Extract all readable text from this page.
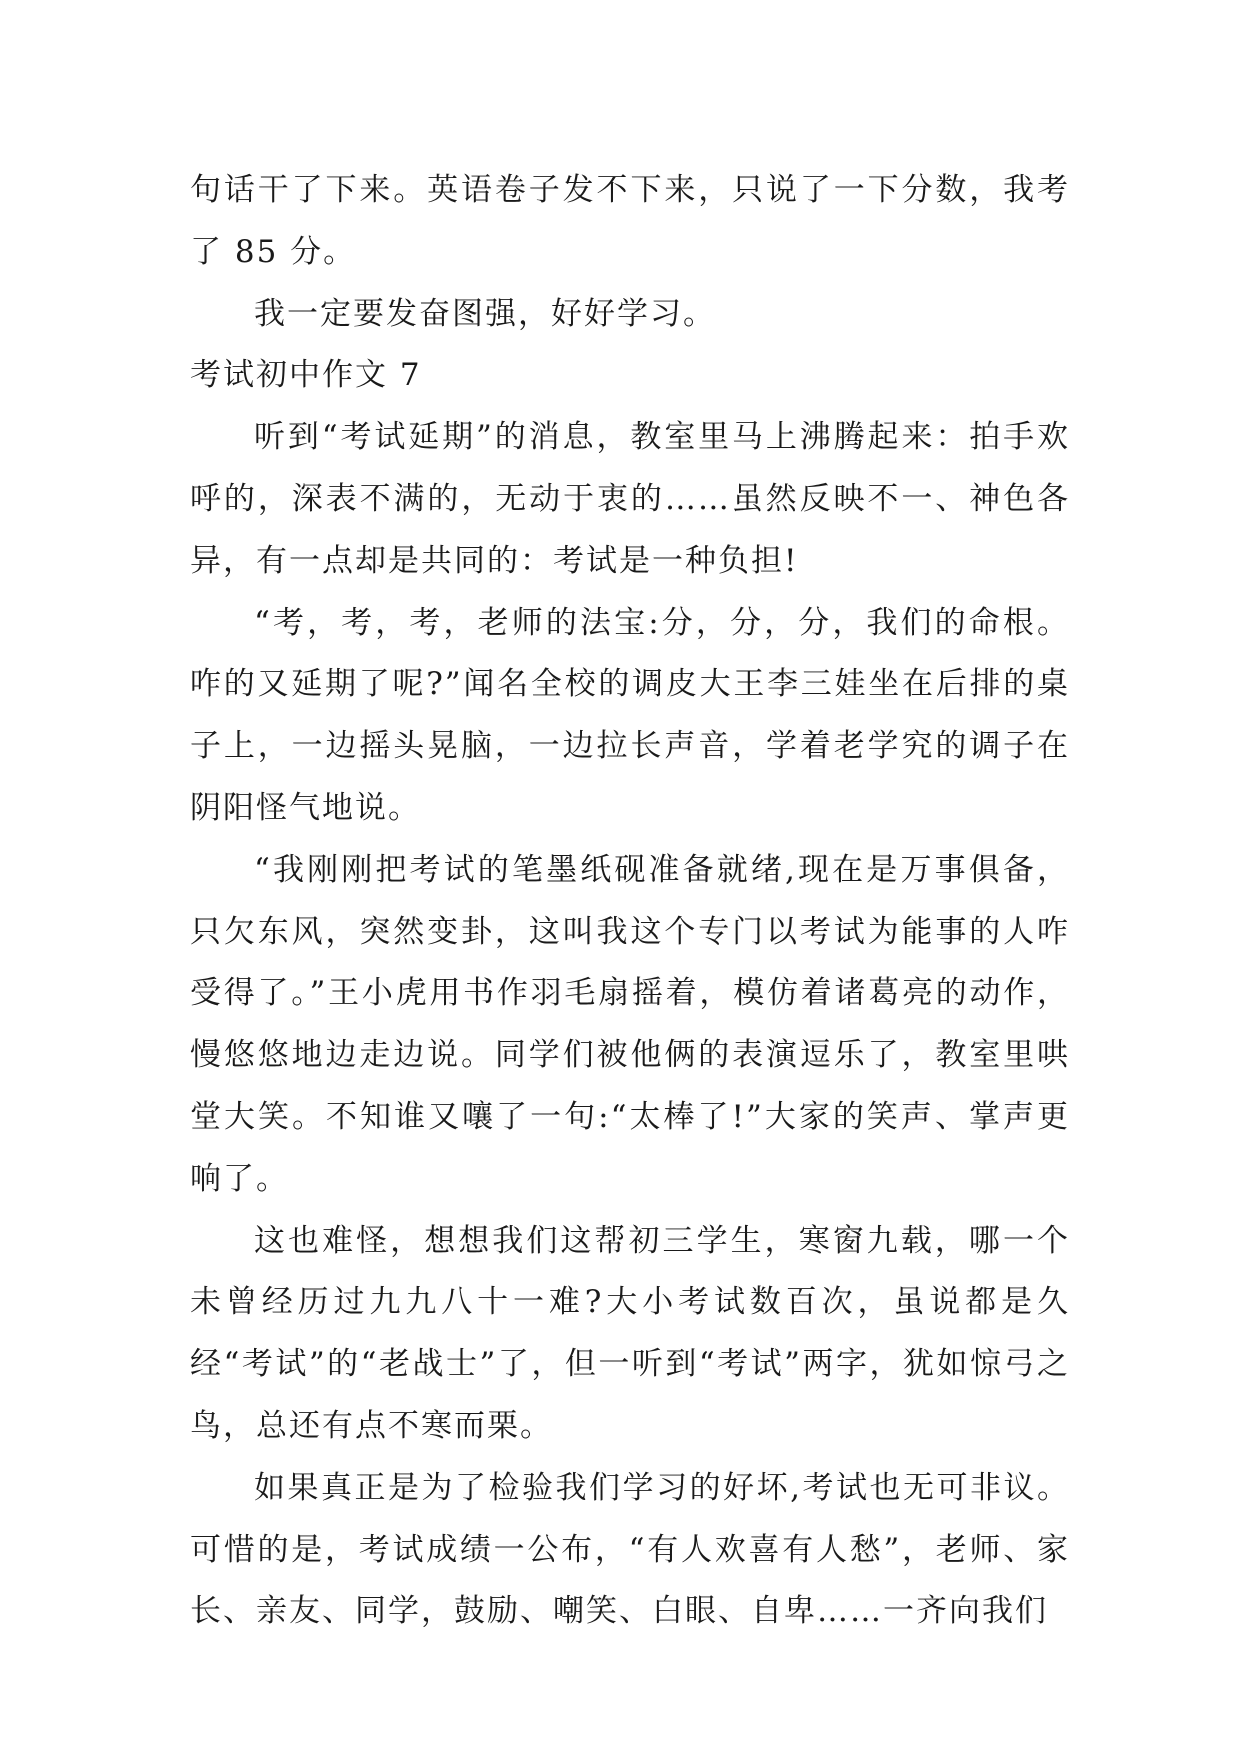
句话干了下来。英语卷子发不下来，只说了一下分数，我考了 85 分。

我一定要发奋图强，好好学习。

考试初中作文 7

听到“考试延期”的消息，教室里马上沸腾起来：拍手欢呼的，深表不满的，无动于衷的……虽然反映不一、神色各异，有一点却是共同的：考试是一种负担!

“考，考，考，老师的法宝:分，分，分，我们的命根。咋的又延期了呢?”闻名全校的调皮大王李三娃坐在后排的桌子上，一边摇头晃脑，一边拉长声音，学着老学究的调子在阴阳怪气地说。

“我刚刚把考试的笔墨纸砚准备就绪,现在是万事俱备，只欠东风，突然变卦，这叫我这个专门以考试为能事的人咋受得了。”王小虎用书作羽毛扇摇着，模仿着诸葛亮的动作，慢悠悠地边走边说。同学们被他俩的表演逗乐了，教室里哄堂大笑。不知谁又嚷了一句:“太棒了!”大家的笑声、掌声更响了。

这也难怪，想想我们这帮初三学生，寒窗九载，哪一个未曾经历过九九八十一难?大小考试数百次，虽说都是久经“考试”的“老战士”了，但一听到“考试”两字，犹如惊弓之鸟，总还有点不寒而栗。

如果真正是为了检验我们学习的好坏,考试也无可非议。可惜的是，考试成绩一公布，“有人欢喜有人愁”，老师、家长、亲友、同学，鼓励、嘲笑、白眼、自卑……一齐向我们
